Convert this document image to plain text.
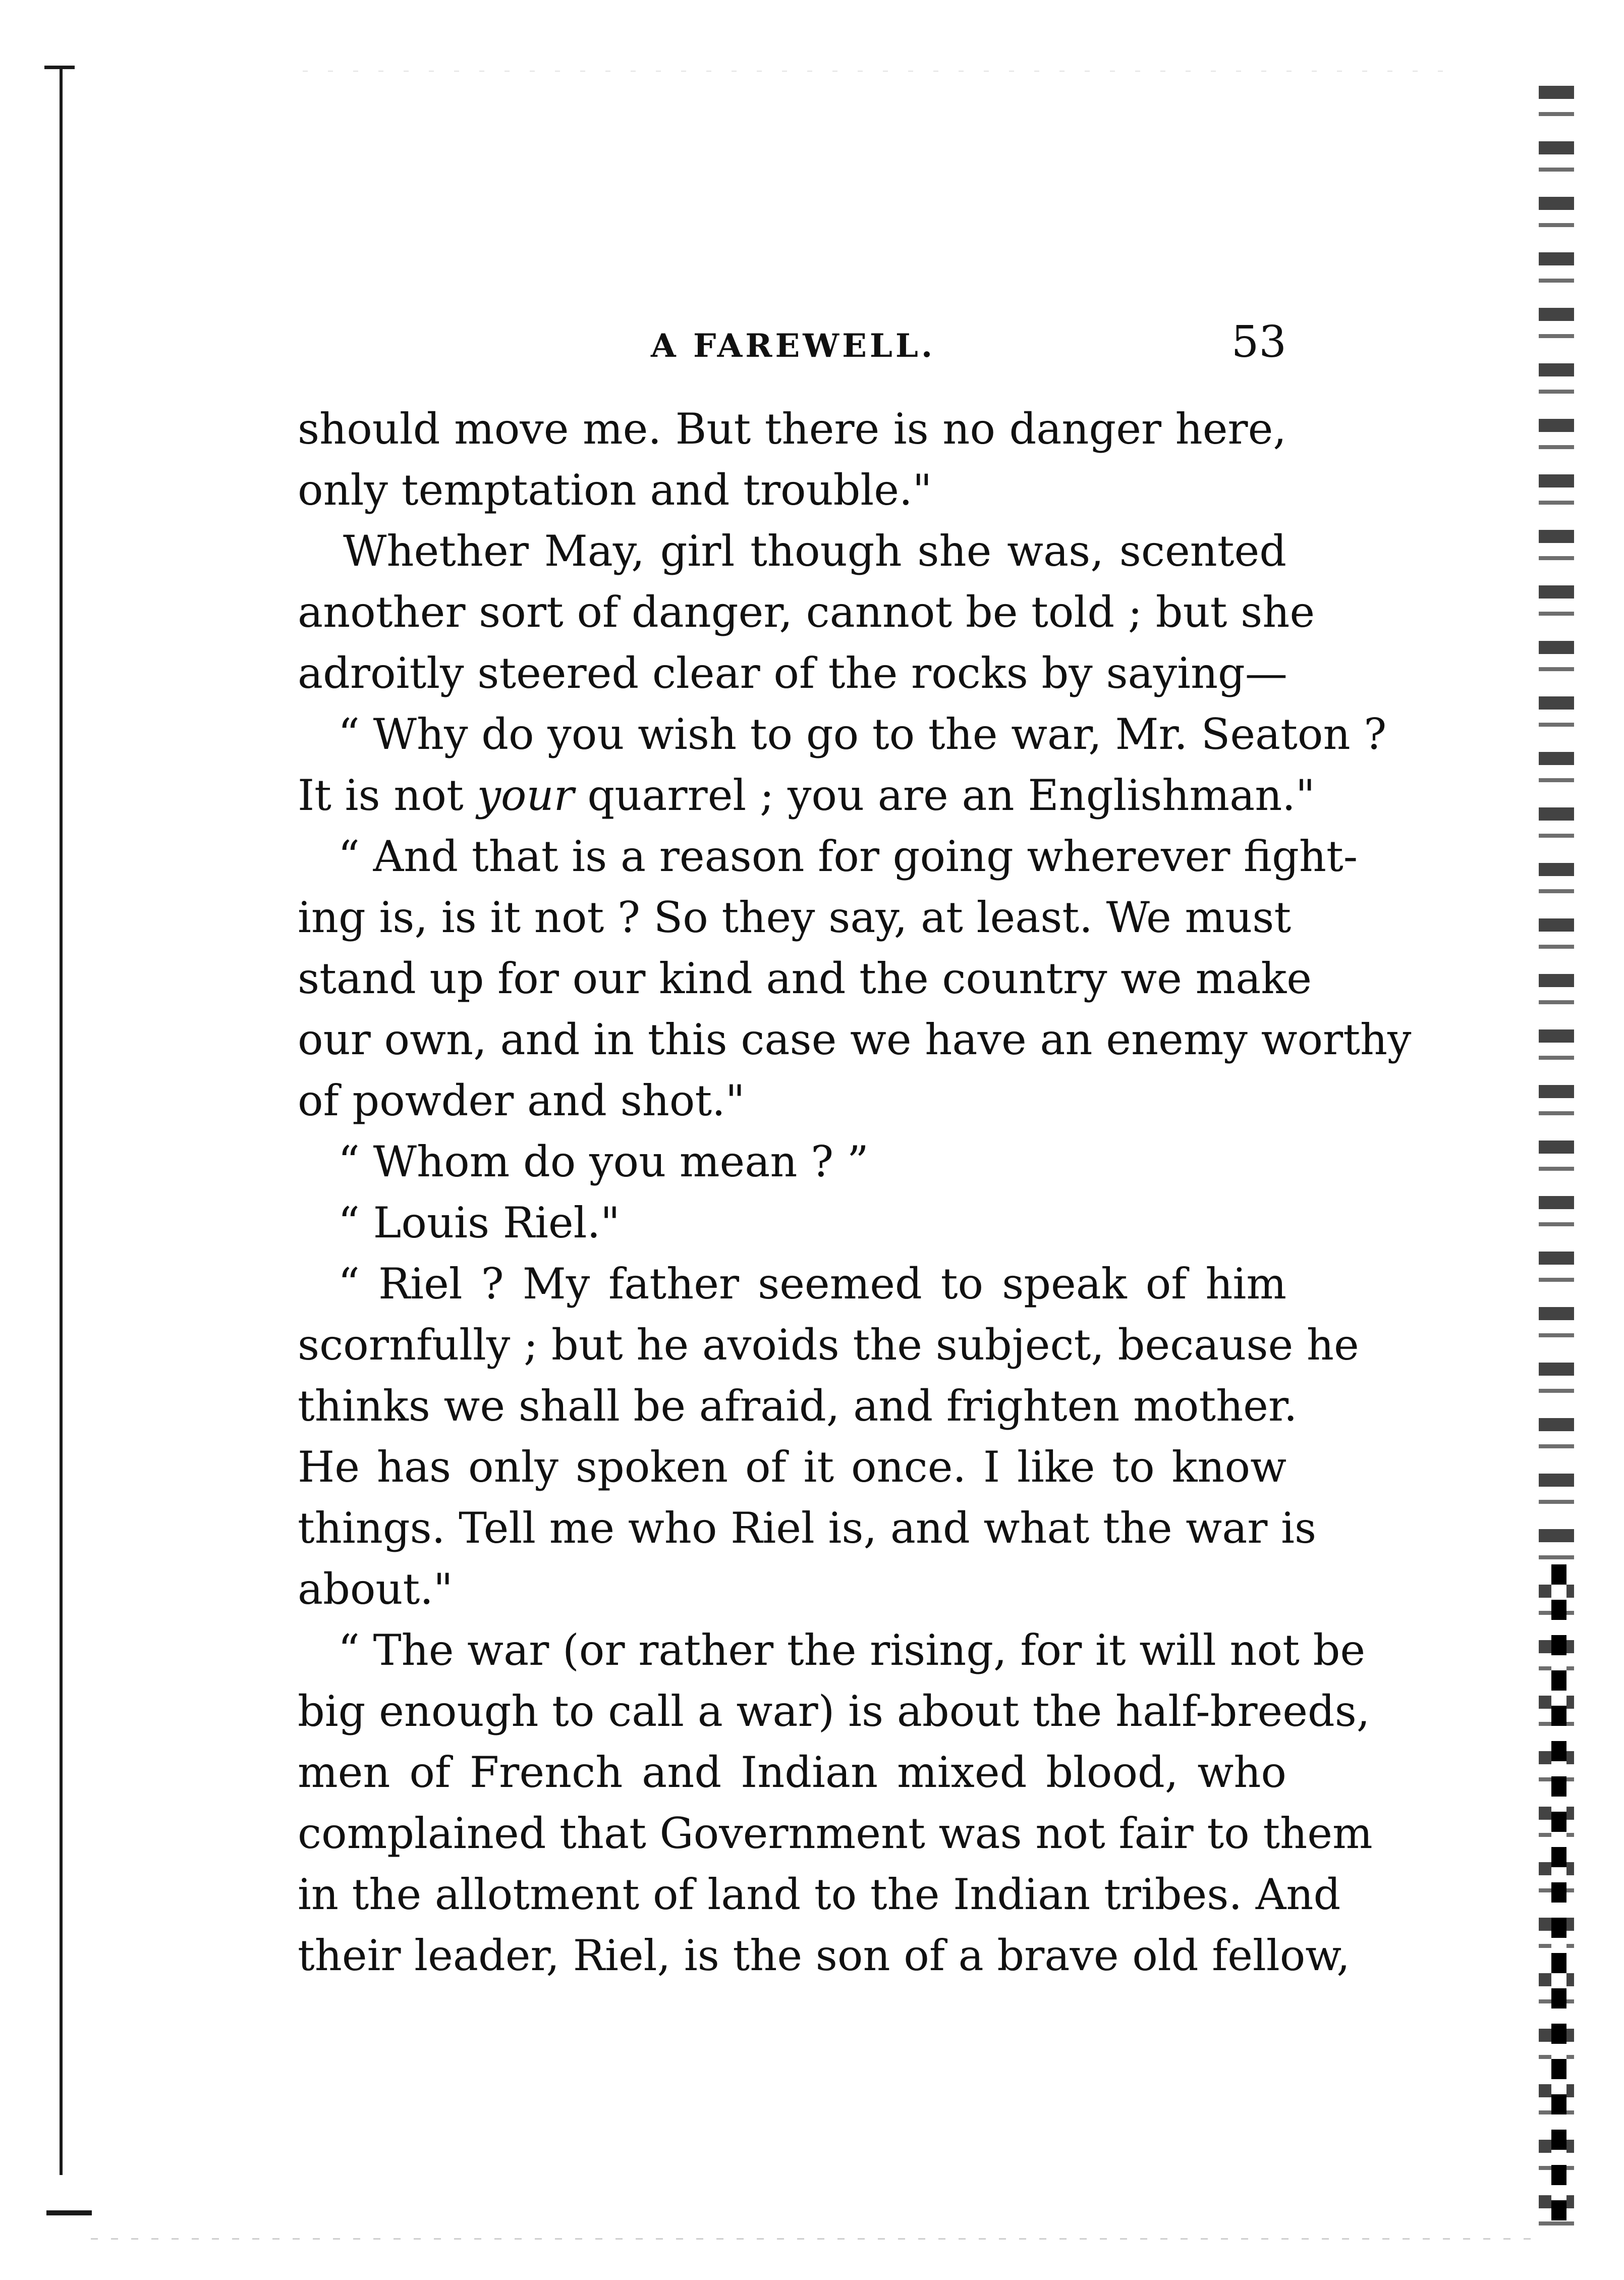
A FAREWELL.	53
should move me. But there is no danger here,
only temptation and trouble."
Whether May, girl though she was, scented
another sort of danger, cannot be told ; but she
adroitly steered clear of the rocks by saying—
“ Why do you wish to go to the war, Mr. Seaton ?
It is not your quarrel ; you are an Englishman."
“ And that is a reason for going wherever fight-
ing is, is it not ? So they say, at least. We must
stand up for our kind and the country we make
our own, and in this case we have an enemy worthy
of powder and shot."
“ Whom do you mean ? ”
“ Louis Riel."
“ Riel ? My father seemed to speak of him
scornfully ; but he avoids the subject, because he
thinks we shall be afraid, and frighten mother.
He has only spoken of it once. I like to know
things. Tell me who Riel is, and what the war is
about."
“ The war (or rather the rising, for it will not be
big enough to call a war) is about the half-breeds,
men of French and Indian mixed blood, who
complained that Government was not fair to them
in the allotment of land to the Indian tribes. And
their leader, Riel, is the son of a brave old fellow,
